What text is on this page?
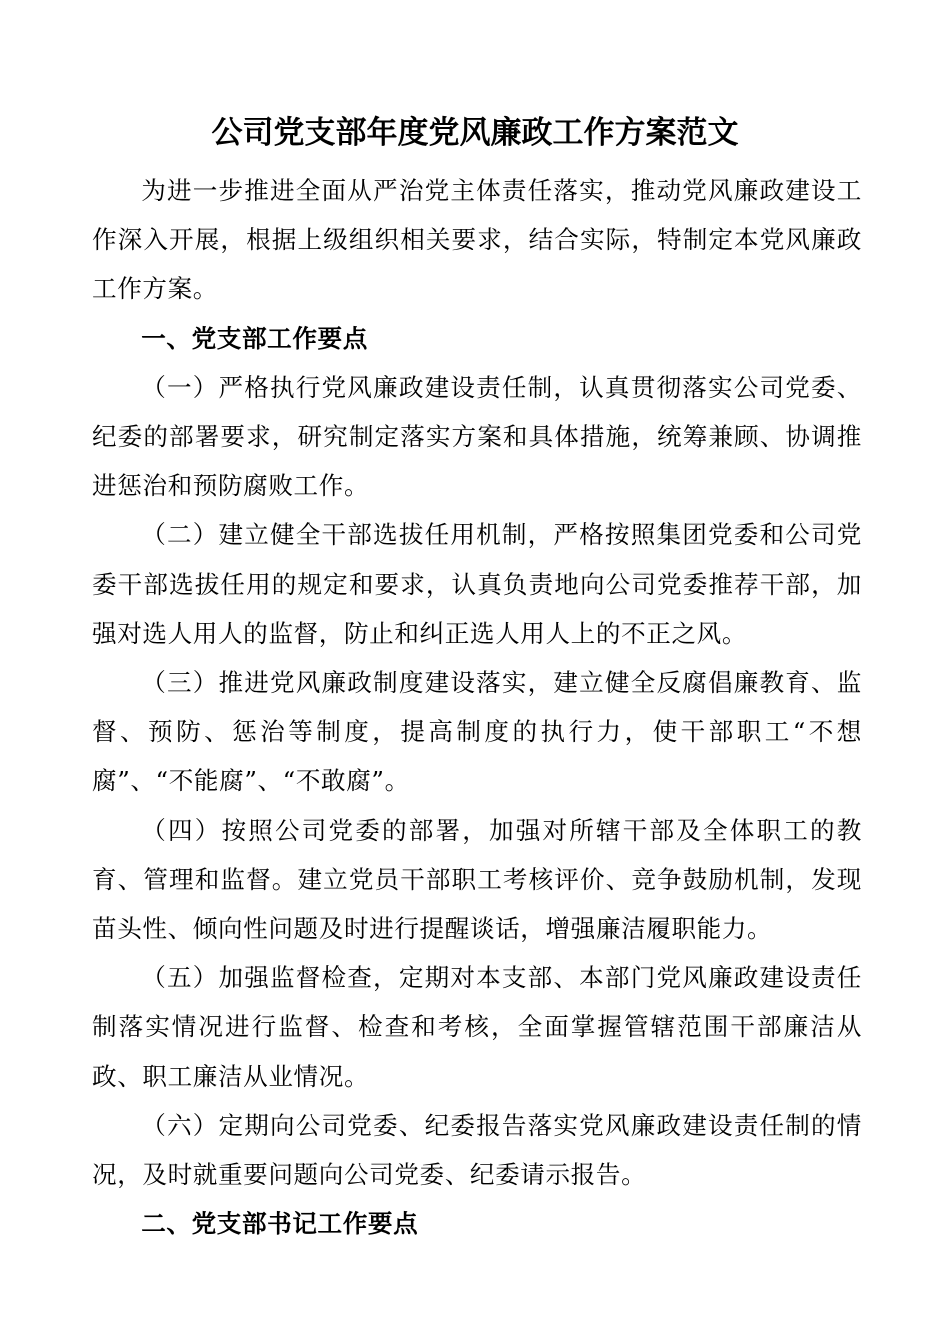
公司党支部年度党风廉政工作方案范文

为进一步推进全面从严治党主体责任落实，推动党风廉政建设工作深入开展，根据上级组织相关要求，结合实际，特制定本党风廉政工作方案。

一、党支部工作要点

（一）严格执行党风廉政建设责任制，认真贯彻落实公司党委、纪委的部署要求，研究制定落实方案和具体措施，统筹兼顾、协调推进惩治和预防腐败工作。

（二）建立健全干部选拔任用机制，严格按照集团党委和公司党委干部选拔任用的规定和要求，认真负责地向公司党委推荐干部，加强对选人用人的监督，防止和纠正选人用人上的不正之风。

（三）推进党风廉政制度建设落实，建立健全反腐倡廉教育、监督、预防、惩治等制度，提高制度的执行力，使干部职工“不想腐”、“不能腐”、“不敢腐”。

（四）按照公司党委的部署，加强对所辖干部及全体职工的教育、管理和监督。建立党员干部职工考核评价、竞争鼓励机制，发现苗头性、倾向性问题及时进行提醒谈话，增强廉洁履职能力。

（五）加强监督检查，定期对本支部、本部门党风廉政建设责任制落实情况进行监督、检查和考核，全面掌握管辖范围干部廉洁从政、职工廉洁从业情况。

（六）定期向公司党委、纪委报告落实党风廉政建设责任制的情况，及时就重要问题向公司党委、纪委请示报告。

二、党支部书记工作要点
